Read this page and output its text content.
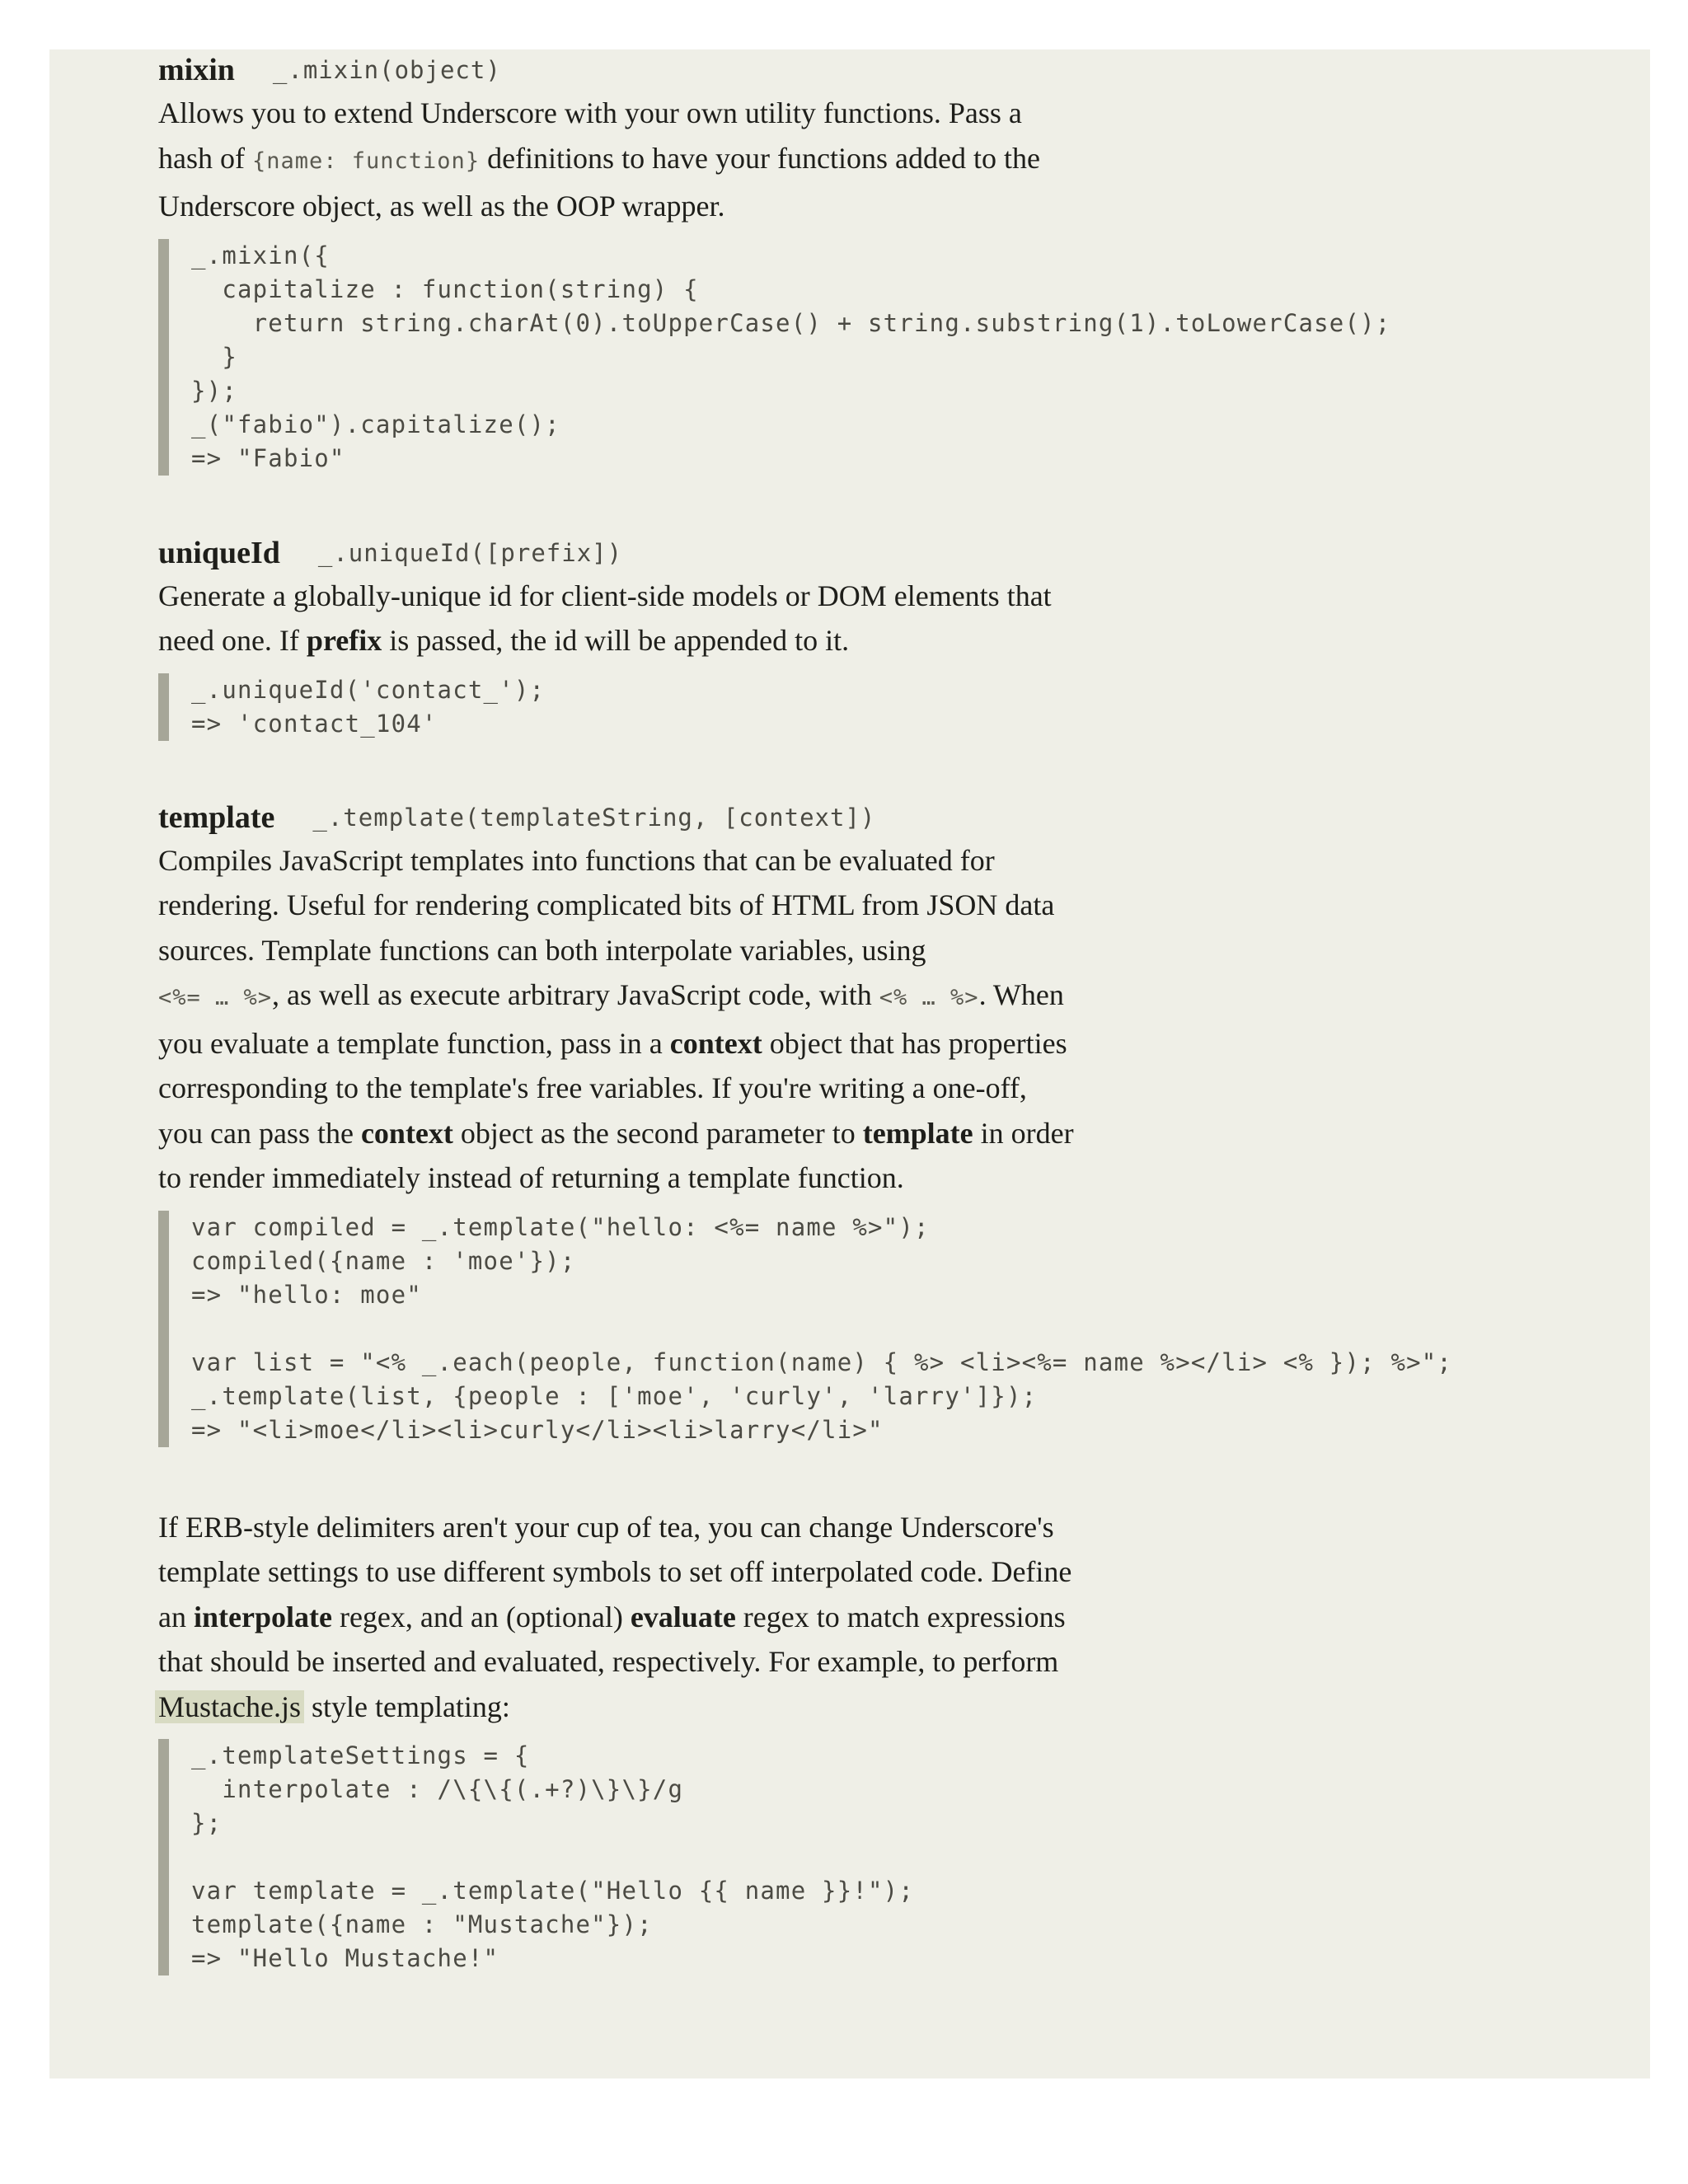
mixin _.mixin(object)

Allows you to extend Underscore with your own utility functions. Pass a

hash of {name: function} definitions to have your functions added to the

Underscore object, as well as the OOP wrapper.

_.mixin({
capitalize : function(string) {
return string.charAt(0).toUpperCase() + string.substring(1).toLowerCase();
}
});
_("fabio").capitalize();
=> "Fabio"
uniqueId _.uniqueId([prefix])

Generate a globally-unique id for client-side models or DOM elements that

need one. If prefix is passed, the id will be appended to it.

_.uniqueId('contact_');
=> 'contact_104'
template _.template(templateString, [context])

Compiles JavaScript templates into functions that can be evaluated for

rendering. Useful for rendering complicated bits of HTML from JSON data

sources. Template functions can both interpolate variables, using

<%= … %>, as well as execute arbitrary JavaScript code, with <% … %>. When

you evaluate a template function, pass in a context object that has properties

corresponding to the template's free variables. If you're writing a one-off,

you can pass the context object as the second parameter to template in order

to render immediately instead of returning a template function.

var compiled = _.template("hello: <%= name %>");
compiled({name : 'moe'});
=> "hello: moe"
var list = "<% _.each(people, function(name) { %> <li><%= name %></li> <% }); %>";
_.template(list, {people : ['moe', 'curly', 'larry']});
=> "<li>moe</li><li>curly</li><li>larry</li>"

If ERB-style delimiters aren't your cup of tea, you can change Underscore's

template settings to use different symbols to set off interpolated code. Define

an interpolate regex, and an (optional) evaluate regex to match expressions

that should be inserted and evaluated, respectively. For example, to perform

Mustache.js style templating:

_.templateSettings = {
interpolate : /\{\{(.+?)\}\}/g
};
var template = _.template("Hello {{ name }}!");
template({name : "Mustache"});
=> "Hello Mustache!"
